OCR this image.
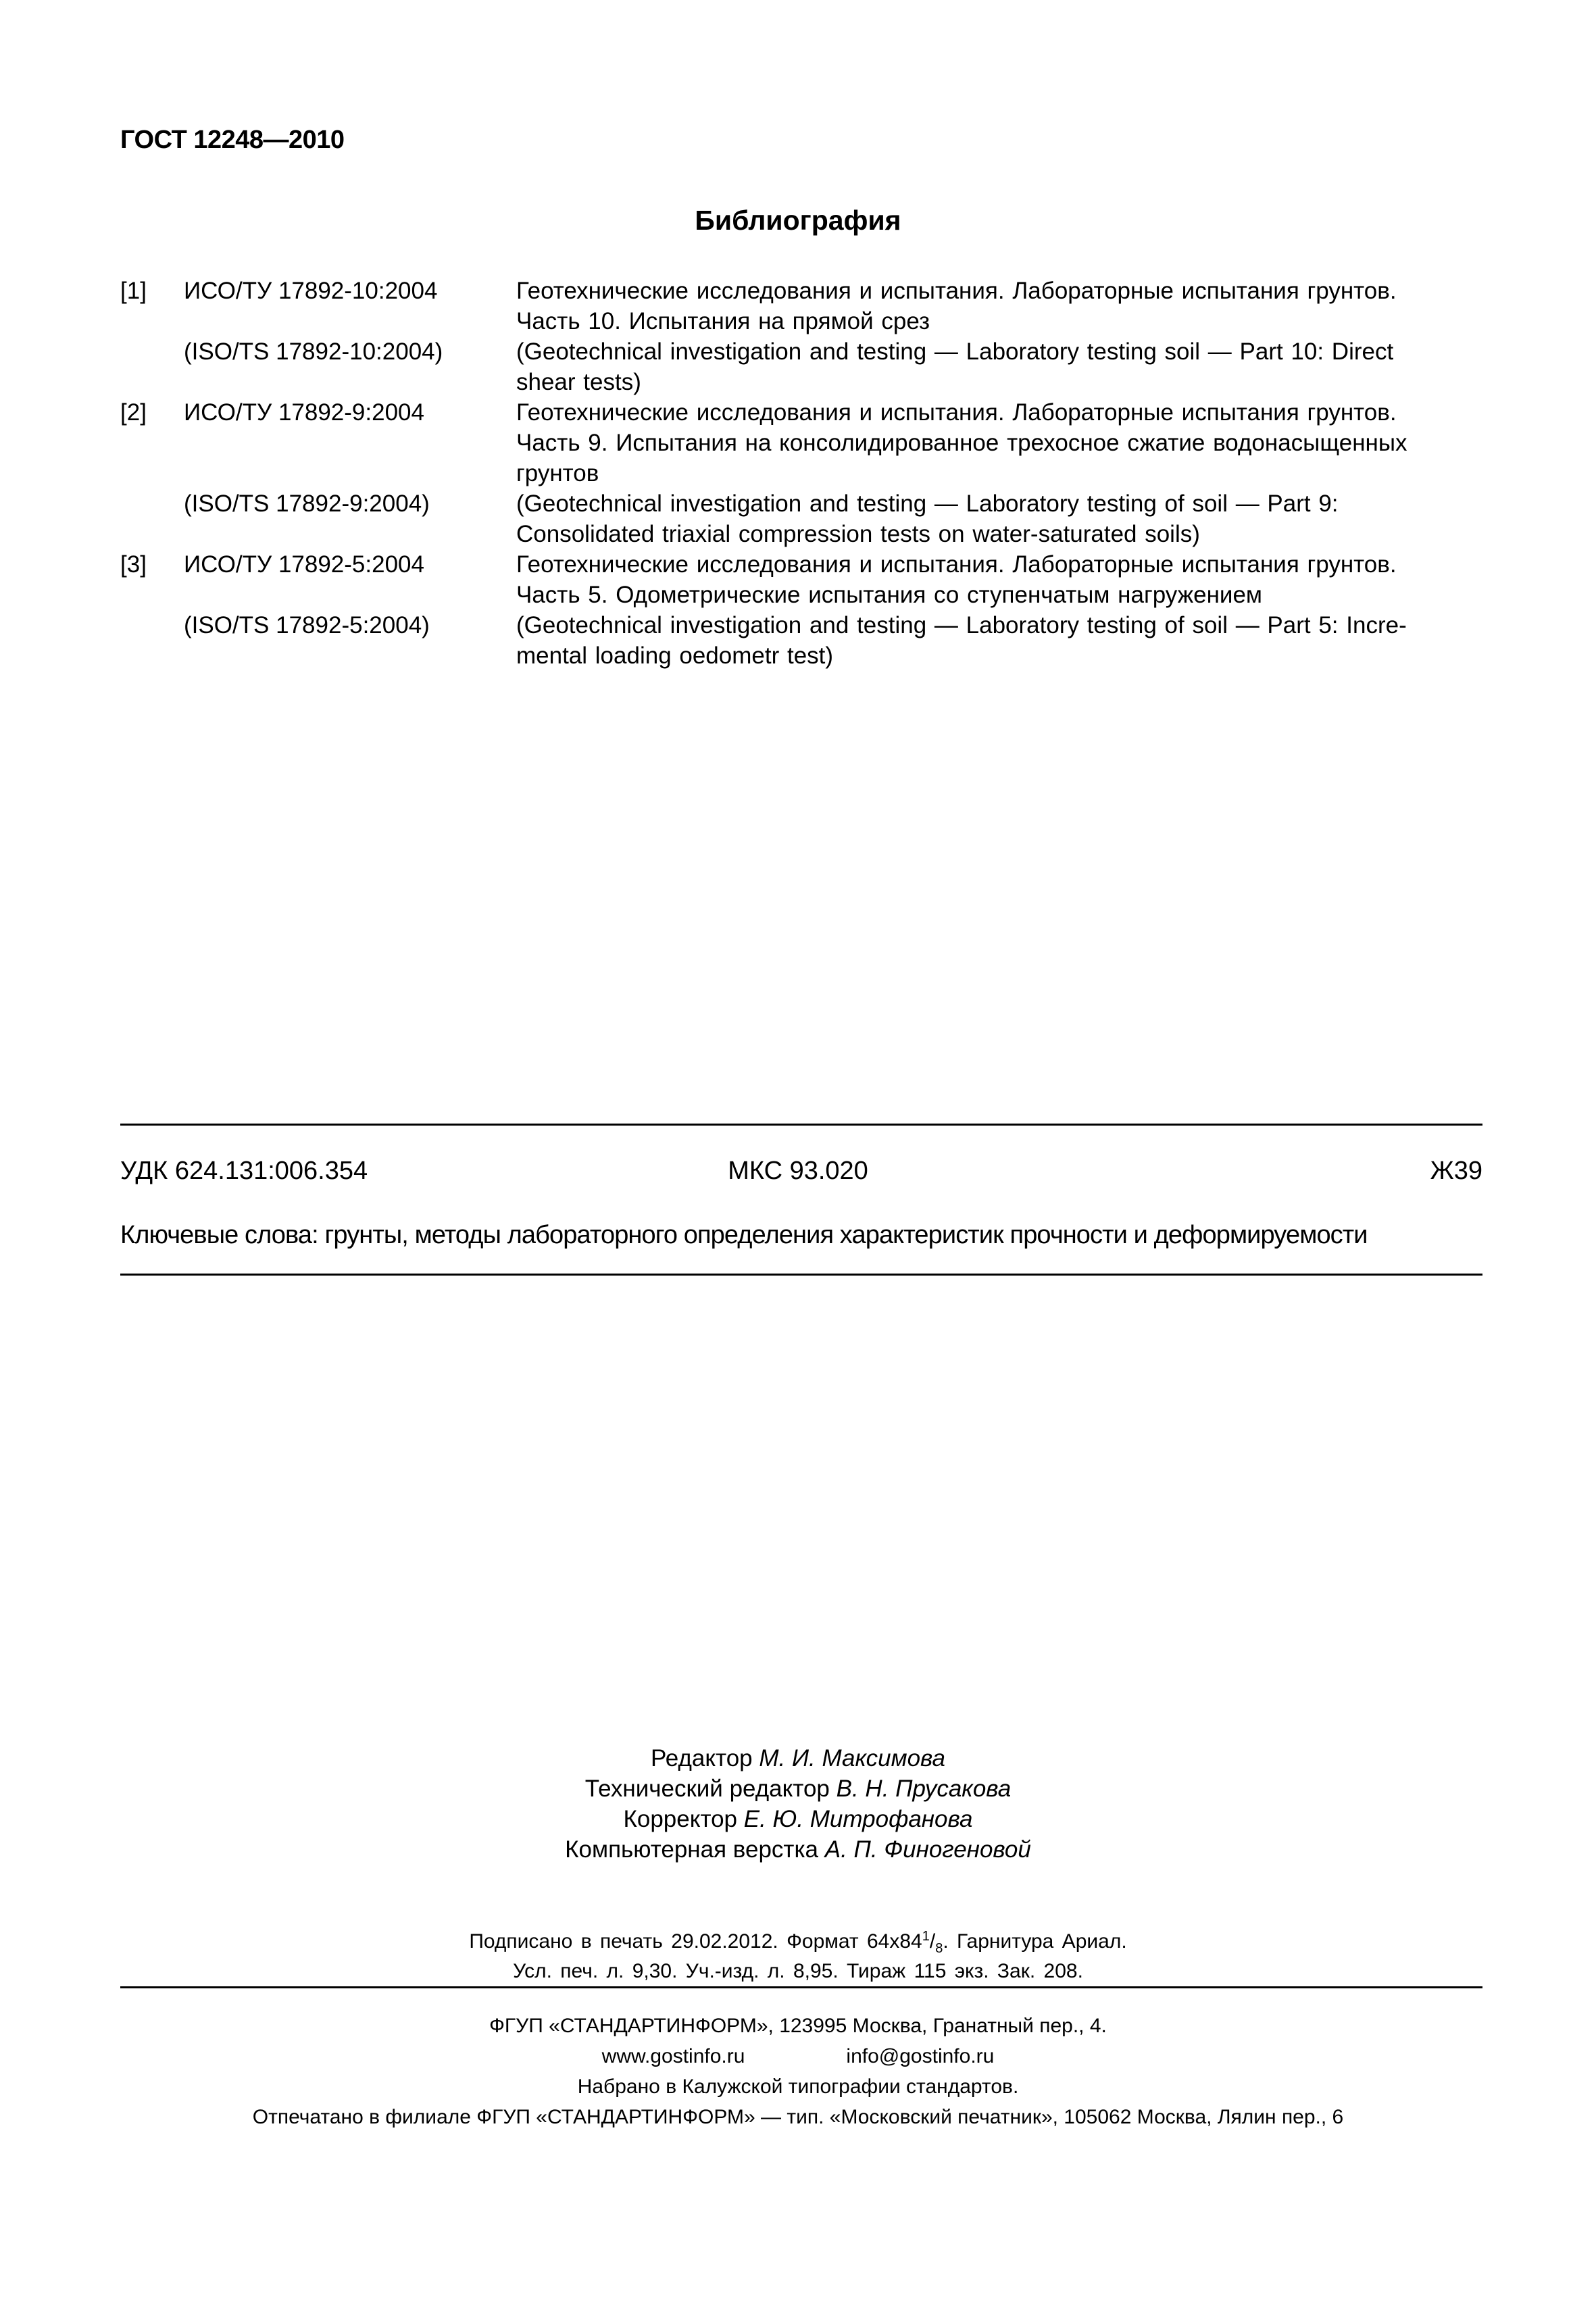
ГОСТ 12248—2010
Библиография
[1]	ИСО/ТУ 17892-10:2004	Геотехнические исследования и испытания. Лабораторные испытания грунтов.
Часть 10. Испытания на прямой срез
(ISO/TS 17892-10:2004)	(Geotechnical investigation and testing — Laboratory testing soil — Part 10: Direct
shear tests)
[2]	ИСО/ТУ 17892-9:2004	Геотехнические исследования и испытания. Лабораторные испытания грунтов.
Часть 9. Испытания на консолидированное трехосное сжатие водонасыщенных
грунтов
(ISO/TS 17892-9:2004)	(Geotechnical investigation and testing — Laboratory testing of soil — Part 9:
Consolidated triaxial compression tests on water-saturated soils)
[3]	ИСО/ТУ 17892-5:2004	Геотехнические исследования и испытания. Лабораторные испытания грунтов.
Часть 5. Одометрические испытания со ступенчатым нагружением
(ISO/TS 17892-5:2004)	(Geotechnical investigation and testing — Laboratory testing of soil — Part 5: Incre-
mental loading oedometr test)
УДК 624.131:006.354	МКС 93.020	Ж39
Ключевые слова: грунты, методы лабораторного определения характеристик прочности и деформируемости
Редактор М. И. Максимова
Технический редактор В. Н. Прусакова
Корректор Е. Ю. Митрофанова
Компьютерная верстка А. П. Финогеновой
Подписано в печать 29.02.2012. Формат $64x84^1/_8$. Гарнитура Ариал.
Усл. печ. л. 9,30. Уч.-изд. л. 8,95. Тираж 115 экз. Зак. 208.
ФГУП «СТАНДАРТИНФОРМ», 123995 Москва, Гранатный пер., 4.
www.gostinfo.ru	info@gostinfo.ru
Набрано в Калужской типографии стандартов.
Отпечатано в филиале ФГУП «СТАНДАРТИНФОРМ» — тип. «Московский печатник», 105062 Москва, Лялин пер., 6
